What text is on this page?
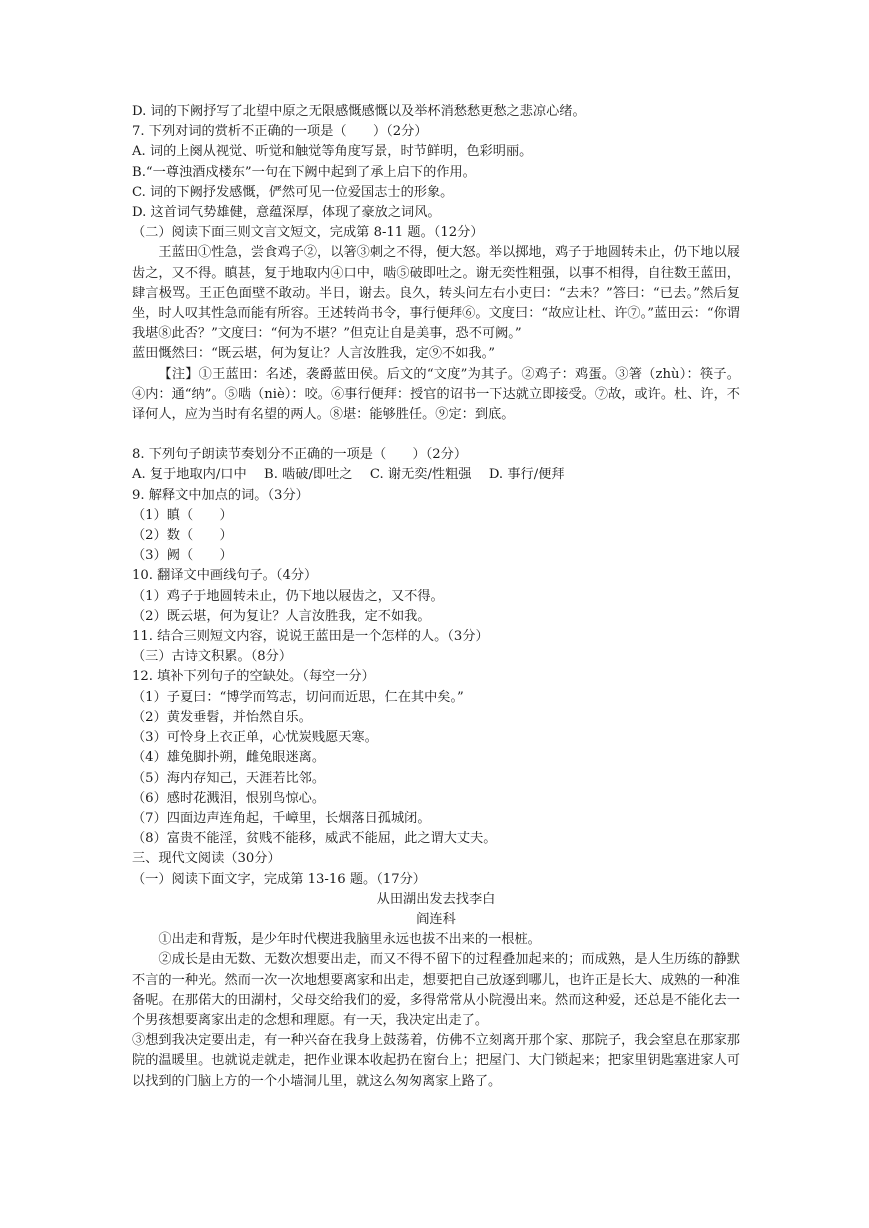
D. 词的下阙抒写了北望中原之无限感慨感慨以及举杯消愁愁更愁之悲凉心绪。
7. 下列对词的赏析不正确的一项是（　　）（2分）
A. 词的上阕从视觉、听觉和触觉等角度写景，时节鲜明，色彩明丽。
B.“一尊浊酒戍楼东”一句在下阙中起到了承上启下的作用。
C. 词的下阙抒发感慨，俨然可见一位爱国志士的形象。
D. 这首词气势雄健，意蕴深厚，体现了豪放之词风。
（二）阅读下面三则文言文短文，完成第 8-11 题。（12分）
王蓝田①性急，尝食鸡子②，以箸③刺之不得，便大怒。举以掷地，鸡子于地圆转未止，仍下地以屐齿之，又不得。瞋甚，复于地取内④口中，啮⑤破即吐之。谢无奕性粗强，以事不相得，自往数王蓝田，肆言极骂。王正色面壁不敢动。半日，谢去。良久，转头问左右小吏曰：“去未？”答曰：“已去。”然后复坐，时人叹其性急而能有所容。王述转尚书令，事行便拜⑥。文度曰：“故应让杜、许⑦。”蓝田云：“你谓我堪⑧此否？”文度曰：“何为不堪？”但克让自是美事，恐不可阙。”
蓝田慨然曰：“既云堪，何为复让？人言汝胜我，定⑨不如我。”
【注】①王蓝田：名述，袭爵蓝田侯。后文的“文度”为其子。②鸡子：鸡蛋。③箸（zhù）：筷子。④内：通“纳”。⑤啮（niè）：咬。⑥事行便拜：授官的诏书一下达就立即接受。⑦故，或许。杜、许，不译何人，应为当时有名望的两人。⑧堪：能够胜任。⑨定：到底。
8. 下列句子朗读节奏划分不正确的一项是（　　）（2分）
A. 复于地取内/口中　 B. 啮破/即吐之　 C. 谢无奕/性粗强　 D. 事行/便拜
9. 解释文中加点的词。（3分）
（1）瞋（　　）
（2）数（　　）
（3）阙（　　）
10. 翻译文中画线句子。（4分）
（1）鸡子于地圆转未止，仍下地以屐齿之，又不得。
（2）既云堪，何为复让？人言汝胜我，定不如我。
11. 结合三则短文内容，说说王蓝田是一个怎样的人。（3分）
（三）古诗文积累。（8分）
12. 填补下列句子的空缺处。（每空一分）
（1）子夏曰：“博学而笃志，切问而近思，仁在其中矣。”
（2）黄发垂髫，并怡然自乐。
（3）可怜身上衣正单，心忧炭贱愿天寒。
（4）雄兔脚扑朔，雌兔眼迷离。
（5）海内存知己，天涯若比邻。
（6）感时花溅泪，恨别鸟惊心。
（7）四面边声连角起，千嶂里，长烟落日孤城闭。
（8）富贵不能淫，贫贱不能移，威武不能屈，此之谓大丈夫。
三、现代文阅读（30分）
（一）阅读下面文字，完成第 13-16 题。（17分）
从田湖出发去找李白
阎连科
①出走和背叛，是少年时代楔进我脑里永远也拔不出来的一根桩。
②成长是由无数、无数次想要出走，而又不得不留下的过程叠加起来的；而成熟，是人生历练的静默不言的一种光。然而一次一次地想要离家和出走，想要把自己放逐到哪儿，也许正是长大、成熟的一种准备呢。在那偌大的田湖村，父母交给我们的爱，多得常常从小院漫出来。然而这种爱，还总是不能化去一个男孩想要离家出走的念想和理愿。有一天，我决定出走了。
③想到我决定要出走，有一种兴奋在我身上鼓荡着，仿佛不立刻离开那个家、那院子，我会窒息在那家那院的温暖里。也就说走就走，把作业课本收起扔在窗台上；把屋门、大门锁起来；把家里钥匙塞进家人可以找到的门脑上方的一个小墙洞儿里，就这么匆匆离家上路了。
